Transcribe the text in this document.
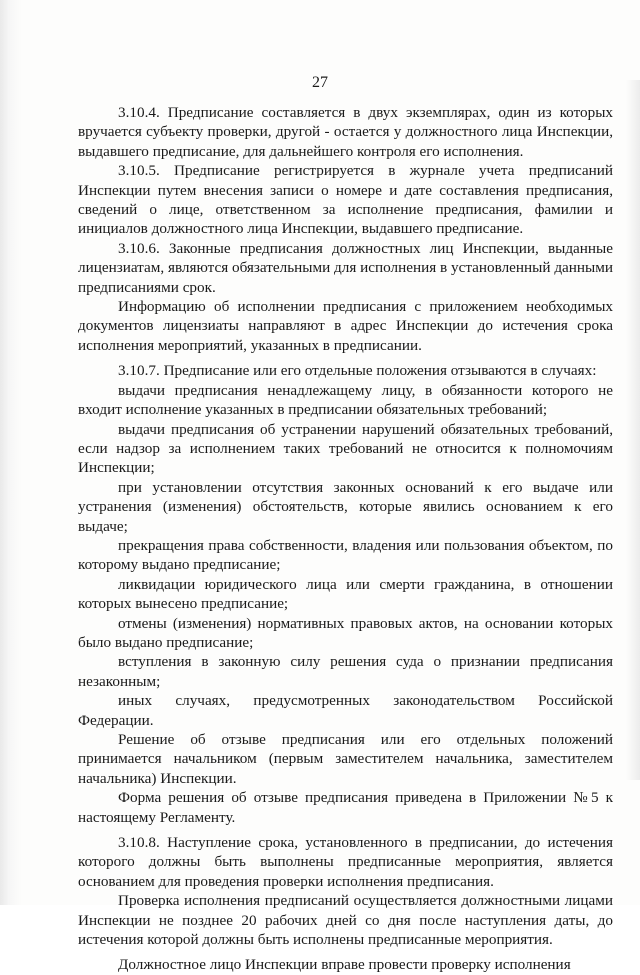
27

3.10.4. Предписание составляется в двух экземплярах, один из которых вручается субъекту проверки, другой - остается у должностного лица Инспекции, выдавшего предписание, для дальнейшего контроля его исполнения.

3.10.5. Предписание регистрируется в журнале учета предписаний Инспекции путем внесения записи о номере и дате составления предписания, сведений о лице, ответственном за исполнение предписания, фамилии и инициалов должностного лица Инспекции, выдавшего предписание.

3.10.6. Законные предписания должностных лиц Инспекции, выданные лицензиатам, являются обязательными для исполнения в установленный данными предписаниями срок.

Информацию об исполнении предписания с приложением необходимых документов лицензиаты направляют в адрес Инспекции до истечения срока исполнения мероприятий, указанных в предписании.

3.10.7. Предписание или его отдельные положения отзываются в случаях:

выдачи предписания ненадлежащему лицу, в обязанности которого не входит исполнение указанных в предписании обязательных требований;

выдачи предписания об устранении нарушений обязательных требований, если надзор за исполнением таких требований не относится к полномочиям Инспекции;

при установлении отсутствия законных оснований к его выдаче или устранения (изменения) обстоятельств, которые явились основанием к его выдаче;

прекращения права собственности, владения или пользования объектом, по которому выдано предписание;

ликвидации юридического лица или смерти гражданина, в отношении которых вынесено предписание;

отмены (изменения) нормативных правовых актов, на основании которых было выдано предписание;

вступления в законную силу решения суда о признании предписания незаконным;

иных случаях, предусмотренных законодательством Российской Федерации.

Решение об отзыве предписания или его отдельных положений принимается начальником (первым заместителем начальника, заместителем начальника) Инспекции.

Форма решения об отзыве предписания приведена в Приложении №5 к настоящему Регламенту.

3.10.8. Наступление срока, установленного в предписании, до истечения которого должны быть выполнены предписанные мероприятия, является основанием для проведения проверки исполнения предписания.

Проверка исполнения предписаний осуществляется должностными лицами Инспекции не позднее 20 рабочих дней со дня после наступления даты, до истечения которой должны быть исполнены предписанные мероприятия.

Должностное лицо Инспекции вправе провести проверку исполнения
